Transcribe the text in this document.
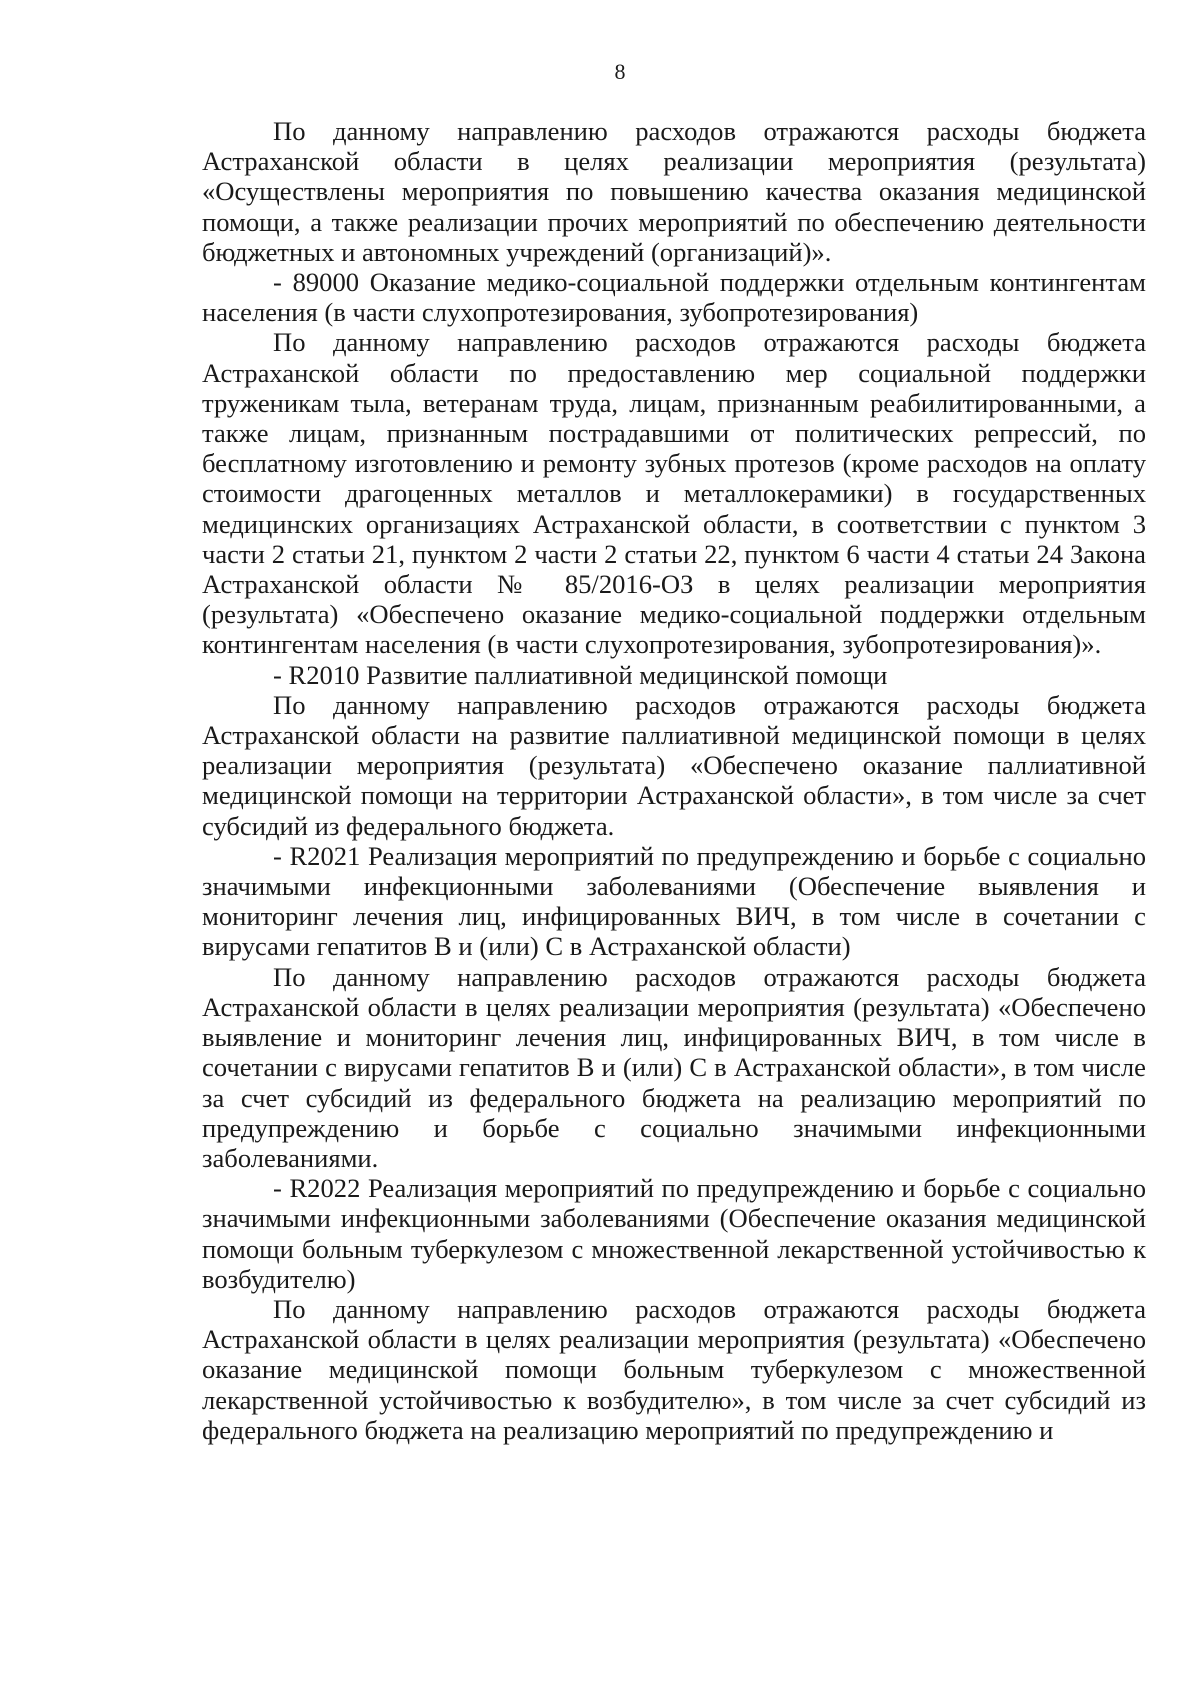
8

По данному направлению расходов отражаются расходы бюджета Астраханской области в целях реализации мероприятия (результата) «Осуществлены мероприятия по повышению качества оказания медицинской помощи, а также реализации прочих мероприятий по обеспечению деятельности бюджетных и автономных учреждений (организаций)».

- 89000 Оказание медико-социальной поддержки отдельным контингентам населения (в части слухопротезирования, зубопротезирования)

По данному направлению расходов отражаются расходы бюджета Астраханской области по предоставлению мер социальной поддержки труженикам тыла, ветеранам труда, лицам, признанным реабилитированными, а также лицам, признанным пострадавшими от политических репрессий, по бесплатному изготовлению и ремонту зубных протезов (кроме расходов на оплату стоимости драгоценных металлов и металлокерамики) в государственных медицинских организациях Астраханской области, в соответствии с пунктом 3 части 2 статьи 21, пунктом 2 части 2 статьи 22, пунктом 6 части 4 статьи 24 Закона Астраханской области № 85/2016-ОЗ в целях реализации мероприятия (результата) «Обеспечено оказание медико-социальной поддержки отдельным контингентам населения (в части слухопротезирования, зубопротезирования)».

- R2010 Развитие паллиативной медицинской помощи

По данному направлению расходов отражаются расходы бюджета Астраханской области на развитие паллиативной медицинской помощи в целях реализации мероприятия (результата) «Обеспечено оказание паллиативной медицинской помощи на территории Астраханской области», в том числе за счет субсидий из федерального бюджета.

- R2021 Реализация мероприятий по предупреждению и борьбе с социально значимыми инфекционными заболеваниями (Обеспечение выявления и мониторинг лечения лиц, инфицированных ВИЧ, в том числе в сочетании с вирусами гепатитов B и (или) C в Астраханской области)

По данному направлению расходов отражаются расходы бюджета Астраханской области в целях реализации мероприятия (результата) «Обеспечено выявление и мониторинг лечения лиц, инфицированных ВИЧ, в том числе в сочетании с вирусами гепатитов B и (или) C в Астраханской области», в том числе за счет субсидий из федерального бюджета на реализацию мероприятий по предупреждению и борьбе с социально значимыми инфекционными заболеваниями.

- R2022 Реализация мероприятий по предупреждению и борьбе с социально значимыми инфекционными заболеваниями (Обеспечение оказания медицинской помощи больным туберкулезом с множественной лекарственной устойчивостью к возбудителю)

По данному направлению расходов отражаются расходы бюджета Астраханской области в целях реализации мероприятия (результата) «Обеспечено оказание медицинской помощи больным туберкулезом с множественной лекарственной устойчивостью к возбудителю», в том числе за счет субсидий из федерального бюджета на реализацию мероприятий по предупреждению и
